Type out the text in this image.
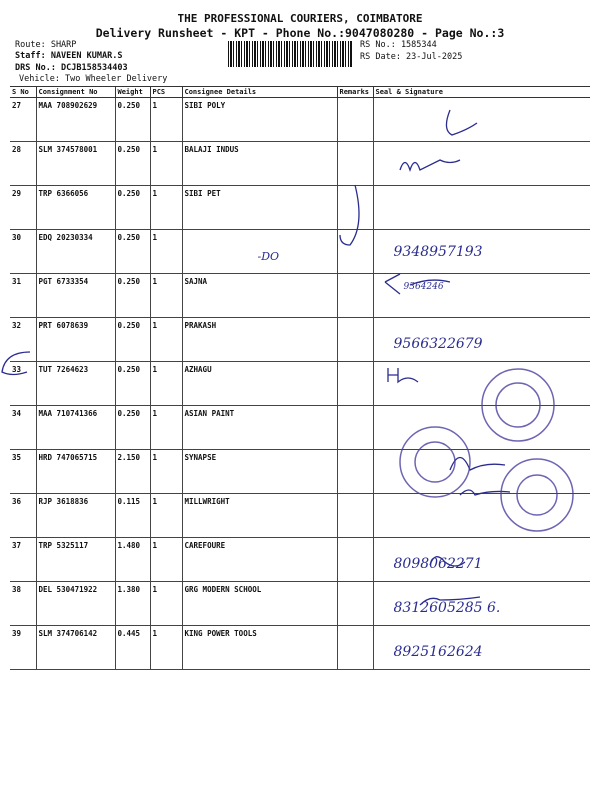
THE PROFESSIONAL COURIERS, COIMBATORE
Delivery Runsheet - KPT - Phone No.:9047080280 - Page No.:3
Route: SHARP
Staff: NAVEEN KUMAR.S
DRS No.: DCJB158534403
Vehicle: Two Wheeler Delivery
RS No.: 1585344
RS Date: 23-Jul-2025
S No	Consignment No	Weight	PCS	Consignee Details	Remarks	Seal & Signature
27	MAA 708902629	0.250	1	SIBI POLY		
28	SLM 374578001	0.250	1	BALAJI INDUS		
29	TRP 6366056	0.250	1	SIBI PET		
30	EDQ 20230334	0.250	1	-DO		9348957193

31	PGT 6733354	0.250	1	SAJNA		9364246

32	PRT 6078639	0.250	1	PRAKASH		9566322679

33	TUT 7264623	0.250	1	AZHAGU		
34	MAA 710741366	0.250	1	ASIAN PAINT		
35	HRD 747065715	2.150	1	SYNAPSE		
36	RJP 3618836	0.115	1	MILLWRIGHT		
37	TRP 5325117	1.480	1	CAREFOURE		8098062271

38	DEL 530471922	1.380	1	GRG MODERN SCHOOL		8312605285 6.

39	SLM 374706142	0.445	1	KING POWER TOOLS		8925162624
